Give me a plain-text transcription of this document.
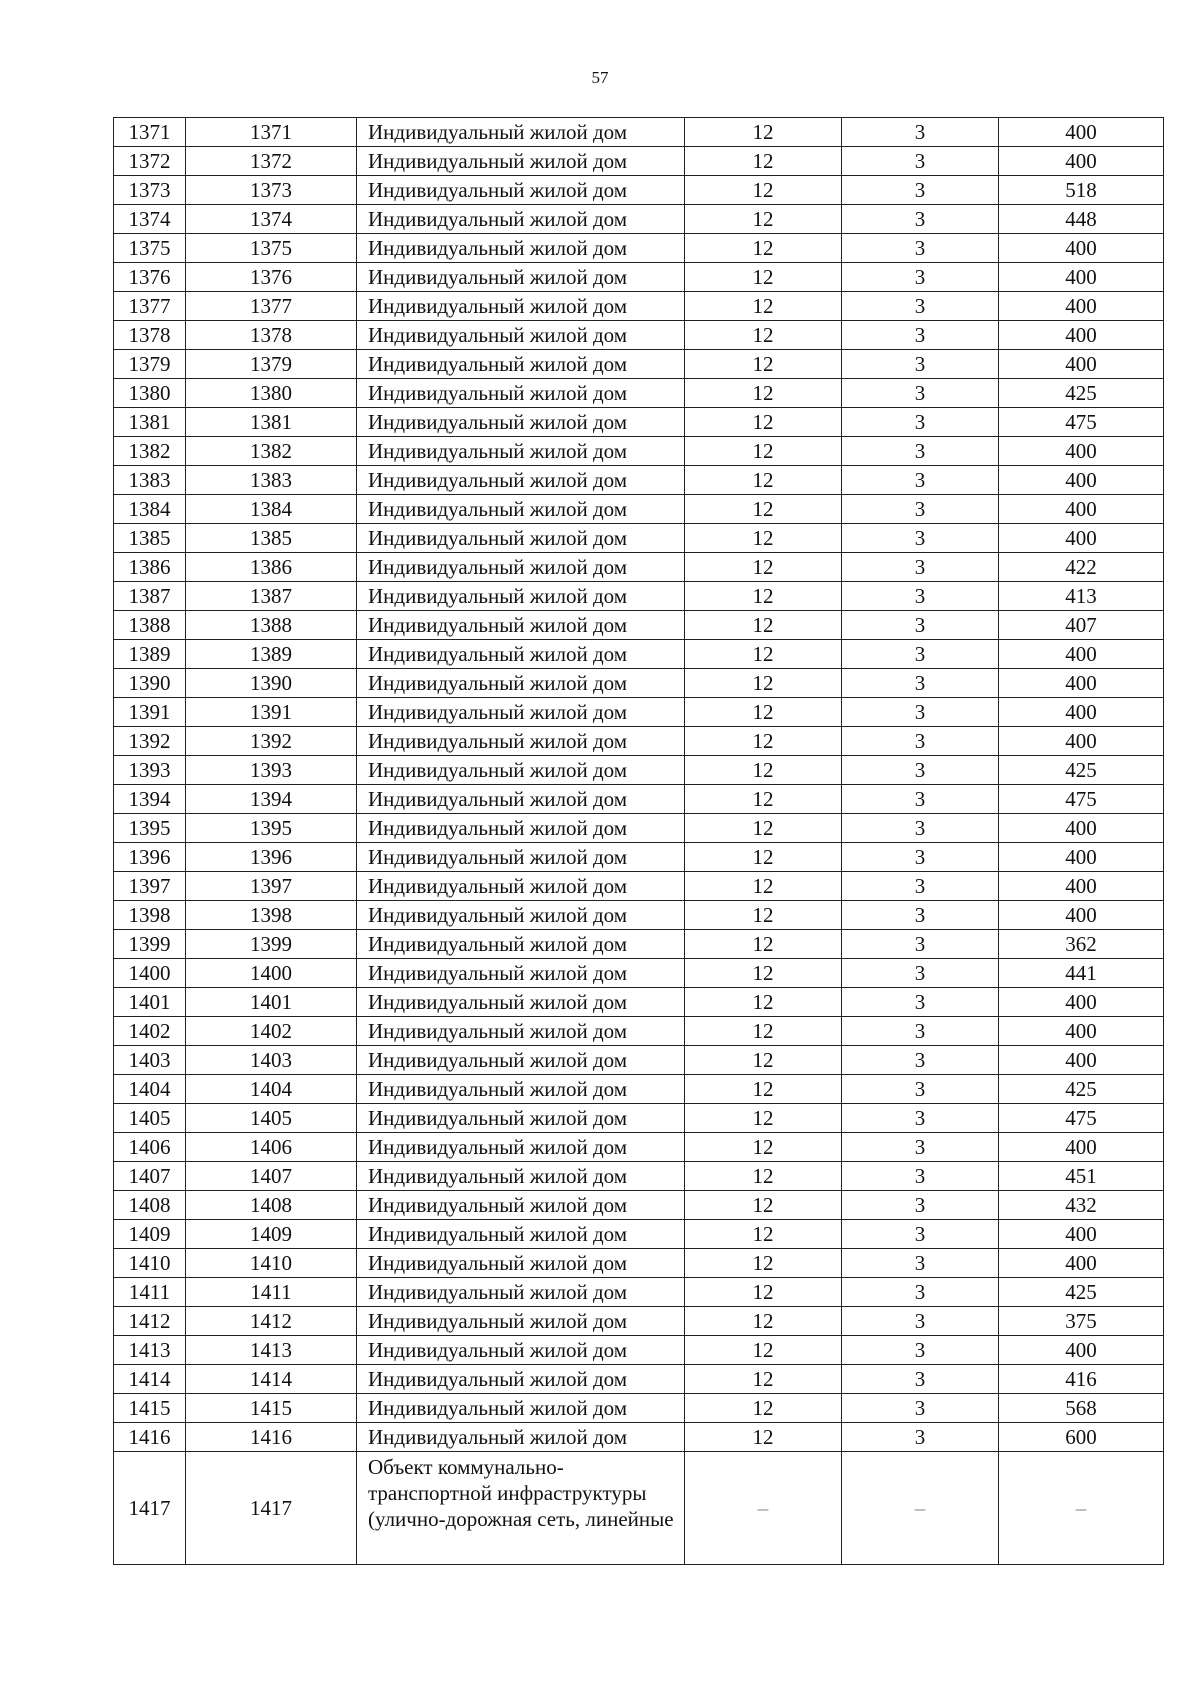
57
1371	1371	Индивидуальный жилой дом	12	3	400
1372	1372	Индивидуальный жилой дом	12	3	400
1373	1373	Индивидуальный жилой дом	12	3	518
1374	1374	Индивидуальный жилой дом	12	3	448
1375	1375	Индивидуальный жилой дом	12	3	400
1376	1376	Индивидуальный жилой дом	12	3	400
1377	1377	Индивидуальный жилой дом	12	3	400
1378	1378	Индивидуальный жилой дом	12	3	400
1379	1379	Индивидуальный жилой дом	12	3	400
1380	1380	Индивидуальный жилой дом	12	3	425
1381	1381	Индивидуальный жилой дом	12	3	475
1382	1382	Индивидуальный жилой дом	12	3	400
1383	1383	Индивидуальный жилой дом	12	3	400
1384	1384	Индивидуальный жилой дом	12	3	400
1385	1385	Индивидуальный жилой дом	12	3	400
1386	1386	Индивидуальный жилой дом	12	3	422
1387	1387	Индивидуальный жилой дом	12	3	413
1388	1388	Индивидуальный жилой дом	12	3	407
1389	1389	Индивидуальный жилой дом	12	3	400
1390	1390	Индивидуальный жилой дом	12	3	400
1391	1391	Индивидуальный жилой дом	12	3	400
1392	1392	Индивидуальный жилой дом	12	3	400
1393	1393	Индивидуальный жилой дом	12	3	425
1394	1394	Индивидуальный жилой дом	12	3	475
1395	1395	Индивидуальный жилой дом	12	3	400
1396	1396	Индивидуальный жилой дом	12	3	400
1397	1397	Индивидуальный жилой дом	12	3	400
1398	1398	Индивидуальный жилой дом	12	3	400
1399	1399	Индивидуальный жилой дом	12	3	362
1400	1400	Индивидуальный жилой дом	12	3	441
1401	1401	Индивидуальный жилой дом	12	3	400
1402	1402	Индивидуальный жилой дом	12	3	400
1403	1403	Индивидуальный жилой дом	12	3	400
1404	1404	Индивидуальный жилой дом	12	3	425
1405	1405	Индивидуальный жилой дом	12	3	475
1406	1406	Индивидуальный жилой дом	12	3	400
1407	1407	Индивидуальный жилой дом	12	3	451
1408	1408	Индивидуальный жилой дом	12	3	432
1409	1409	Индивидуальный жилой дом	12	3	400
1410	1410	Индивидуальный жилой дом	12	3	400
1411	1411	Индивидуальный жилой дом	12	3	425
1412	1412	Индивидуальный жилой дом	12	3	375
1413	1413	Индивидуальный жилой дом	12	3	400
1414	1414	Индивидуальный жилой дом	12	3	416
1415	1415	Индивидуальный жилой дом	12	3	568
1416	1416	Индивидуальный жилой дом	12	3	600
1417	1417	Объект коммунально-транспортной инфраструктуры (улично-дорожная сеть, линейные	–	–	–
